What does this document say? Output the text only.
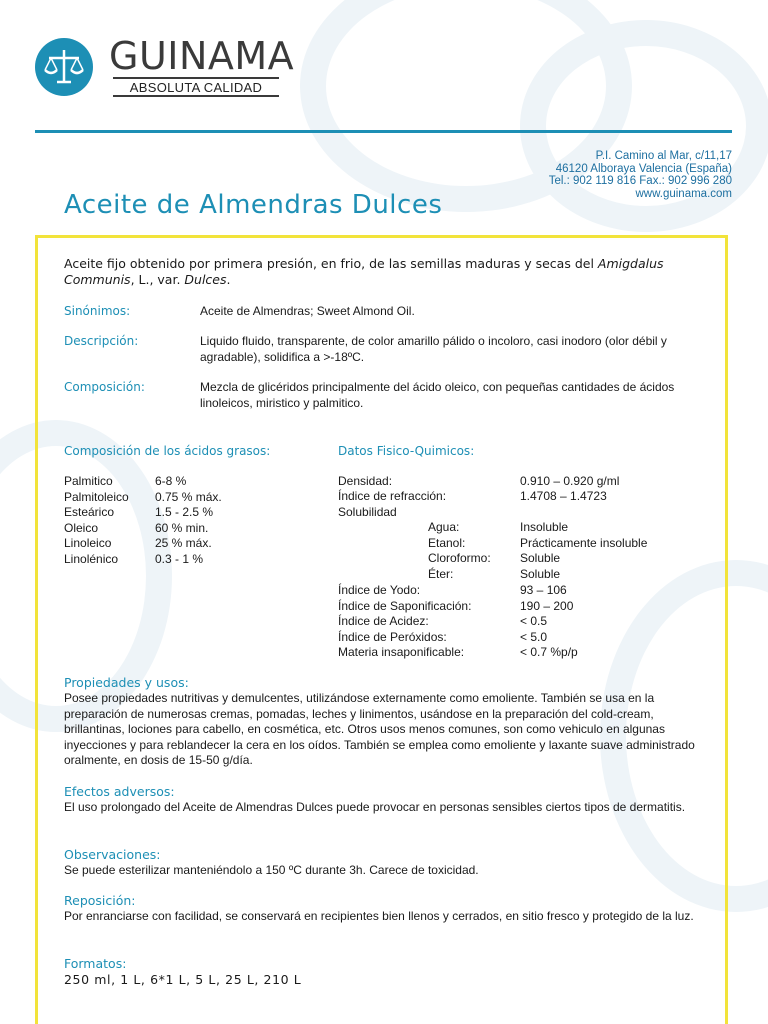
GUINAMA
ABSOLUTA CALIDAD
P.I. Camino al Mar, c/11,17
46120 Alboraya Valencia (España)
Tel.: 902 119 816 Fax.: 902 996 280
www.guinama.com
Aceite de Almendras Dulces
Aceite fijo obtenido por primera presión, en frio, de las semillas maduras y secas del Amigdalus Communis, L., var. Dulces.
Sinónimos:	Aceite de Almendras; Sweet Almond Oil.
Descripción:	Liquido fluido, transparente, de color amarillo pálido o incoloro, casi inodoro (olor débil y agradable), solidifica a >-18ºC.
Composición:	Mezcla de glicéridos principalmente del ácido oleico, con pequeñas cantidades de ácidos linoleicos, miristico y palmitico.
Composición de los ácidos grasos:
Palmitico	6-8 %
Palmitoleico 0.75 % máx.
Esteárico	1.5 - 2.5 %
Oleico	60 % min.
Linoleico	25 % máx.
Linolénico	0.3 - 1 %
Datos Fisico-Quimicos:
Densidad:	0.910 – 0.920 g/ml
Índice de refracción:	1.4708 – 1.4723
Solubilidad
Agua:	Insoluble
Etanol:	Prácticamente insoluble
Cloroformo: Soluble
Éter:	Soluble
Índice de Yodo:	93 – 106
Índice de Saponificación:	190 – 200
Índice de Acidez:	< 0.5
Índice de Peróxidos:	< 5.0
Materia insaponificable:	< 0.7 %p/p
Propiedades y usos:
Posee propiedades nutritivas y demulcentes, utilizándose externamente como emoliente. También se usa en la preparación de numerosas cremas, pomadas, leches y linimentos, usándose en la preparación del cold-cream, brillantinas, lociones para cabello, en cosmética, etc. Otros usos menos comunes, son como vehiculo en algunas inyecciones y para reblandecer la cera en los oídos. También se emplea como emoliente y laxante suave administrado oralmente, en dosis de 15-50 g/día.
Efectos adversos:
El uso prolongado del Aceite de Almendras Dulces puede provocar en personas sensibles ciertos tipos de dermatitis.
Observaciones:
Se puede esterilizar manteniéndolo a 150 ºC durante 3h. Carece de toxicidad.
Reposición:
Por enranciarse con facilidad, se conservará en recipientes bien llenos y cerrados, en sitio fresco y protegido de la luz.
Formatos:
250 ml, 1 L, 6*1 L, 5 L, 25 L, 210 L
